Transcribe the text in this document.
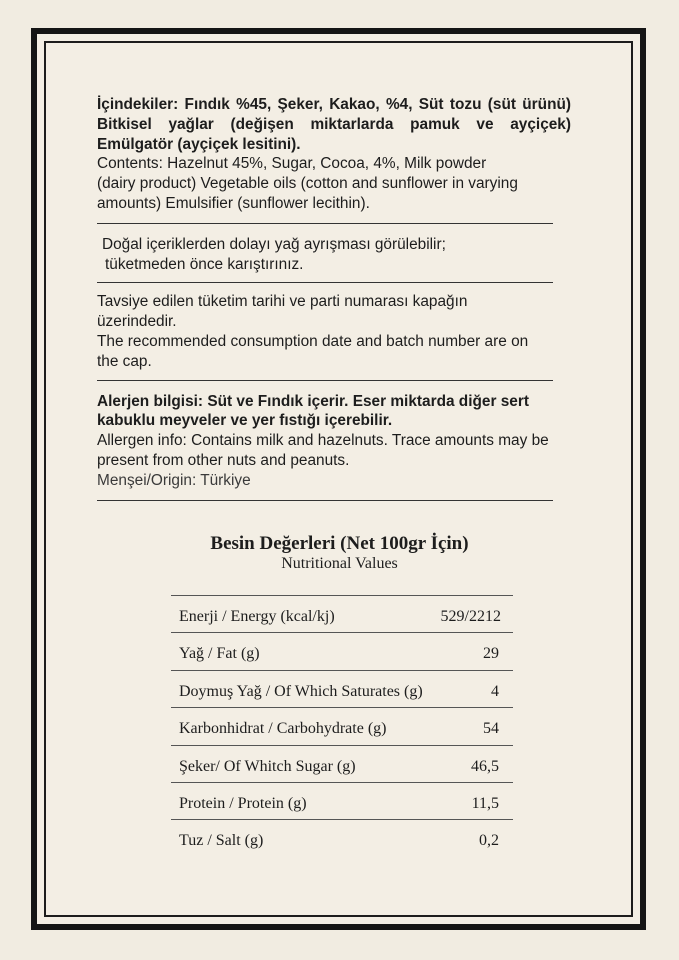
İçindekiler: Fındık %45, Şeker, Kakao, %4, Süt tozu (süt ürünü) Bitkisel yağlar (değişen miktarlarda pamuk ve ayçiçek) Emülgatör (ayçiçek lesitini).

Contents: Hazelnut 45%, Sugar, Cocoa, 4%, Milk powder (dairy product) Vegetable oils (cotton and sunflower in varying amounts) Emulsifier (sunflower lecithin).

Doğal içeriklerden dolayı yağ ayrışması görülebilir;

tüketmeden önce karıştırınız.

Tavsiye edilen tüketim tarihi ve parti numarası kapağın üzerindedir.

The recommended consumption date and batch number are on the cap.

Alerjen bilgisi: Süt ve Fındık içerir. Eser miktarda diğer sert kabuklu meyveler ve yer fıstığı içerebilir.

Allergen info: Contains milk and hazelnuts. Trace amounts may be present from other nuts and peanuts.

Menşei/Origin: Türkiye

Besin Değerleri (Net 100gr İçin)
Nutritional Values
Enerji / Energy (kcal/kj)	529/2212
Yağ / Fat (g)	29
Doymuş Yağ / Of Which Saturates (g)	4
Karbonhidrat / Carbohydrate (g)	54
Şeker/ Of Whitch Sugar (g)	46,5
Protein / Protein (g)	11,5
Tuz / Salt (g)	0,2
